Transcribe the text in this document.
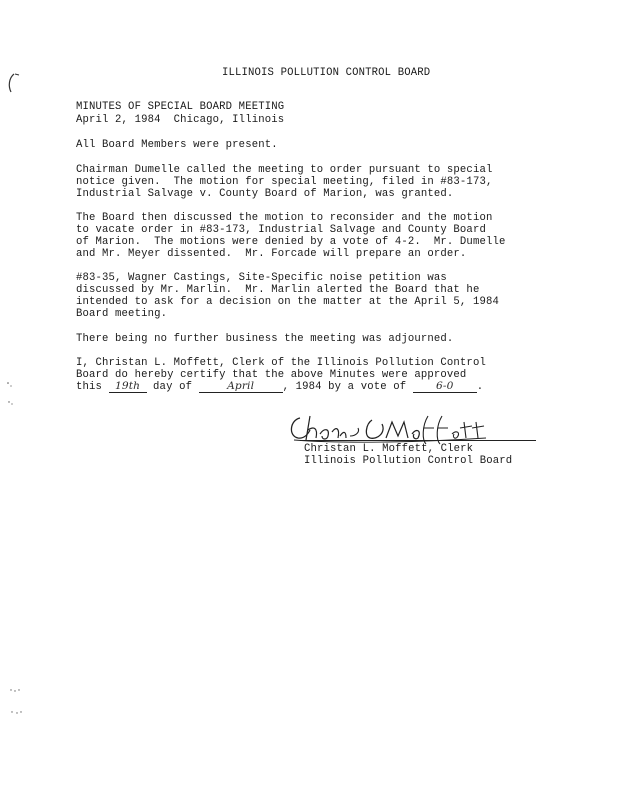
ILLINOIS POLLUTION CONTROL BOARD
MINUTES OF SPECIAL BOARD MEETING
April 2, 1984  Chicago, Illinois
All Board Members were present.
Chairman Dumelle called the meeting to order pursuant to special
notice given.  The motion for special meeting, filed in #83-173,
Industrial Salvage v. County Board of Marion, was granted.
The Board then discussed the motion to reconsider and the motion
to vacate order in #83-173, Industrial Salvage and County Board
of Marion.  The motions were denied by a vote of 4-2.  Mr. Dumelle
and Mr. Meyer dissented.  Mr. Forcade will prepare an order.
#83-35, Wagner Castings, Site-Specific noise petition was
discussed by Mr. Marlin.  Mr. Marlin alerted the Board that he
intended to ask for a decision on the matter at the April 5, 1984
Board meeting.
There being no further business the meeting was adjourned.
I, Christan L. Moffett, Clerk of the Illinois Pollution Control
Board do hereby certify that the above Minutes were approved
this 19th day of	April	, 1984 by a vote of 6-0 .
Christan L. Moffett, Clerk
Illinois Pollution Control Board
